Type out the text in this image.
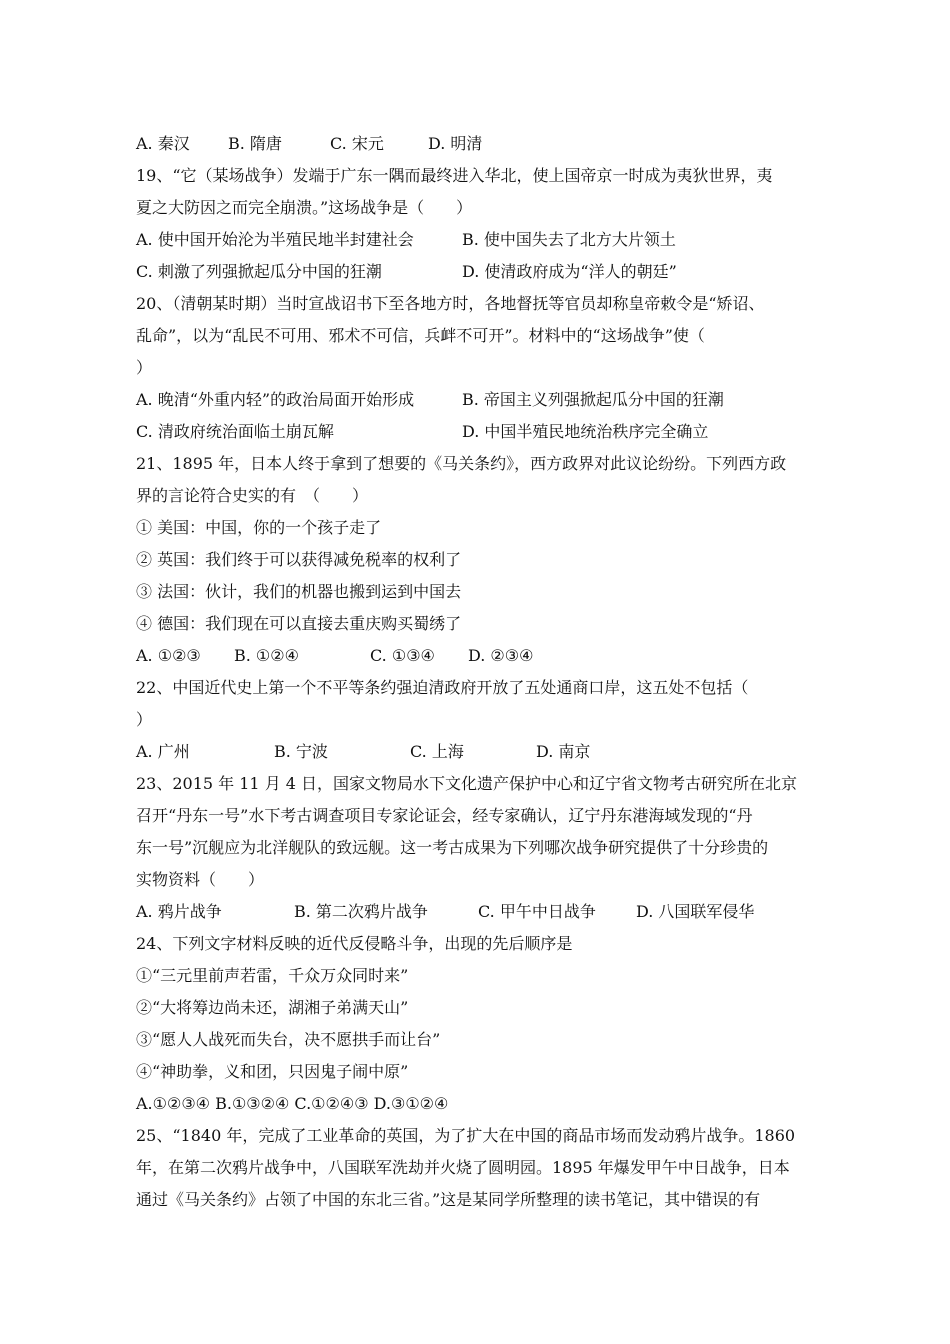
A. 秦汉 B. 隋唐	C. 宋元	D. 明清
19、“它（某场战争）发端于广东一隅而最终进入华北，使上国帝京一时成为夷狄世界，夷
夏之大防因之而完全崩溃。”这场战争是（　　）
A. 使中国开始沦为半殖民地半封建社会	B. 使中国失去了北方大片领土
C. 刺激了列强掀起瓜分中国的狂潮	D. 使清政府成为“洋人的朝廷”
20、（清朝某时期）当时宣战诏书下至各地方时，各地督抚等官员却称皇帝敕令是“矫诏、
乱命”，以为“乱民不可用、邪术不可信，兵衅不可开”。材料中的“这场战争”使（
）
A. 晚清“外重内轻”的政治局面开始形成	B. 帝国主义列强掀起瓜分中国的狂潮
C. 清政府统治面临土崩瓦解	D. 中国半殖民地统治秩序完全确立
21、1895 年，日本人终于拿到了想要的《马关条约》，西方政界对此议论纷纷。下列西方政
界的言论符合史实的有　（　　）
① 美国：中国，你的一个孩子走了
② 英国：我们终于可以获得减免税率的权利了
③ 法国：伙计，我们的机器也搬到运到中国去
④ 德国：我们现在可以直接去重庆购买蜀绣了
A. ①②③ B. ①②④	C. ①③④ D. ②③④
22、中国近代史上第一个不平等条约强迫清政府开放了五处通商口岸，这五处不包括（
）
A. 广州	B. 宁波	C. 上海	D. 南京
23、2015 年 11 月 4 日，国家文物局水下文化遗产保护中心和辽宁省文物考古研究所在北京
召开“丹东一号”水下考古调查项目专家论证会，经专家确认，辽宁丹东港海域发现的“丹
东一号”沉舰应为北洋舰队的致远舰。这一考古成果为下列哪次战争研究提供了十分珍贵的
实物资料（　　）
A. 鸦片战争	B. 第二次鸦片战争	C. 甲午中日战争	D. 八国联军侵华
24、下列文字材料反映的近代反侵略斗争，出现的先后顺序是
①“三元里前声若雷，千众万众同时来”
②“大将筹边尚未还，湖湘子弟满天山”
③“愿人人战死而失台，决不愿拱手而让台”
④“神助拳，义和团，只因鬼子闹中原”
A.①②③④ B.①③②④ C.①②④③ D.③①②④
25、“1840 年，完成了工业革命的英国，为了扩大在中国的商品市场而发动鸦片战争。1860
年，在第二次鸦片战争中，八国联军洗劫并火烧了圆明园。1895 年爆发甲午中日战争，日本
通过《马关条约》占领了中国的东北三省。”这是某同学所整理的读书笔记，其中错误的有
